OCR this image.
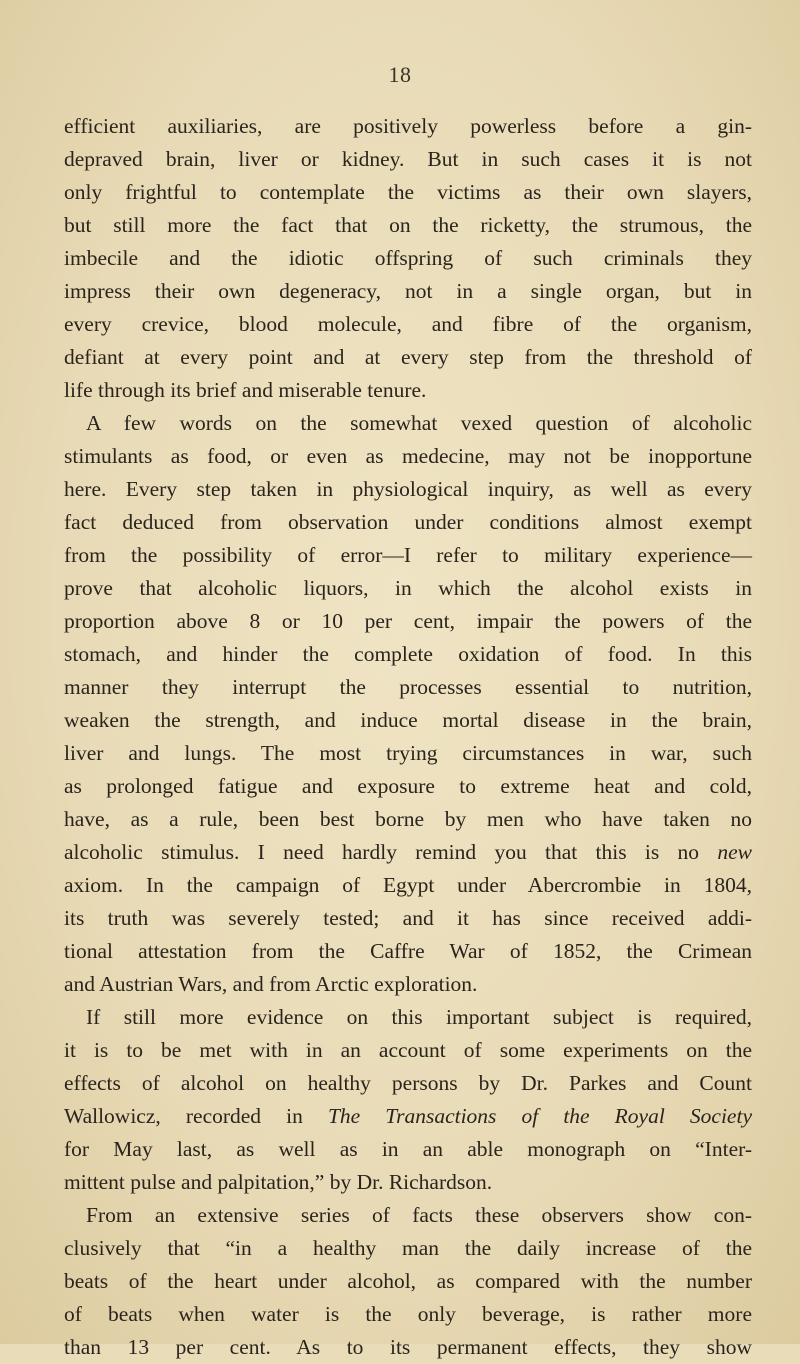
18
efficient auxiliaries, are positively powerless before a gin-
depraved brain, liver or kidney. But in such cases it is not
only frightful to contemplate the victims as their own slayers,
but still more the fact that on the ricketty, the strumous, the
imbecile and the idiotic offspring of such criminals they
impress their own degeneracy, not in a single organ, but in
every crevice, blood molecule, and fibre of the organism,
defiant at every point and at every step from the threshold of
life through its brief and miserable tenure.
A few words on the somewhat vexed question of alcoholic
stimulants as food, or even as medecine, may not be inopportune
here. Every step taken in physiological inquiry, as well as every
fact deduced from observation under conditions almost exempt
from the possibility of error—I refer to military experience—
prove that alcoholic liquors, in which the alcohol exists in
proportion above 8 or 10 per cent, impair the powers of the
stomach, and hinder the complete oxidation of food. In this
manner they interrupt the processes essential to nutrition,
weaken the strength, and induce mortal disease in the brain,
liver and lungs. The most trying circumstances in war, such
as prolonged fatigue and exposure to extreme heat and cold,
have, as a rule, been best borne by men who have taken no
alcoholic stimulus. I need hardly remind you that this is no new
axiom. In the campaign of Egypt under Abercrombie in 1804,
its truth was severely tested; and it has since received addi-
tional attestation from the Caffre War of 1852, the Crimean
and Austrian Wars, and from Arctic exploration.
If still more evidence on this important subject is required,
it is to be met with in an account of some experiments on the
effects of alcohol on healthy persons by Dr. Parkes and Count
Wallowicz, recorded in The Transactions of the Royal Society
for May last, as well as in an able monograph on “Inter-
mittent pulse and palpitation,” by Dr. Richardson.
From an extensive series of facts these observers show con-
clusively that “in a healthy man the daily increase of the
beats of the heart under alcohol, as compared with the number
of beats when water is the only beverage, is rather more
than 13 per cent. As to its permanent effects, they show
